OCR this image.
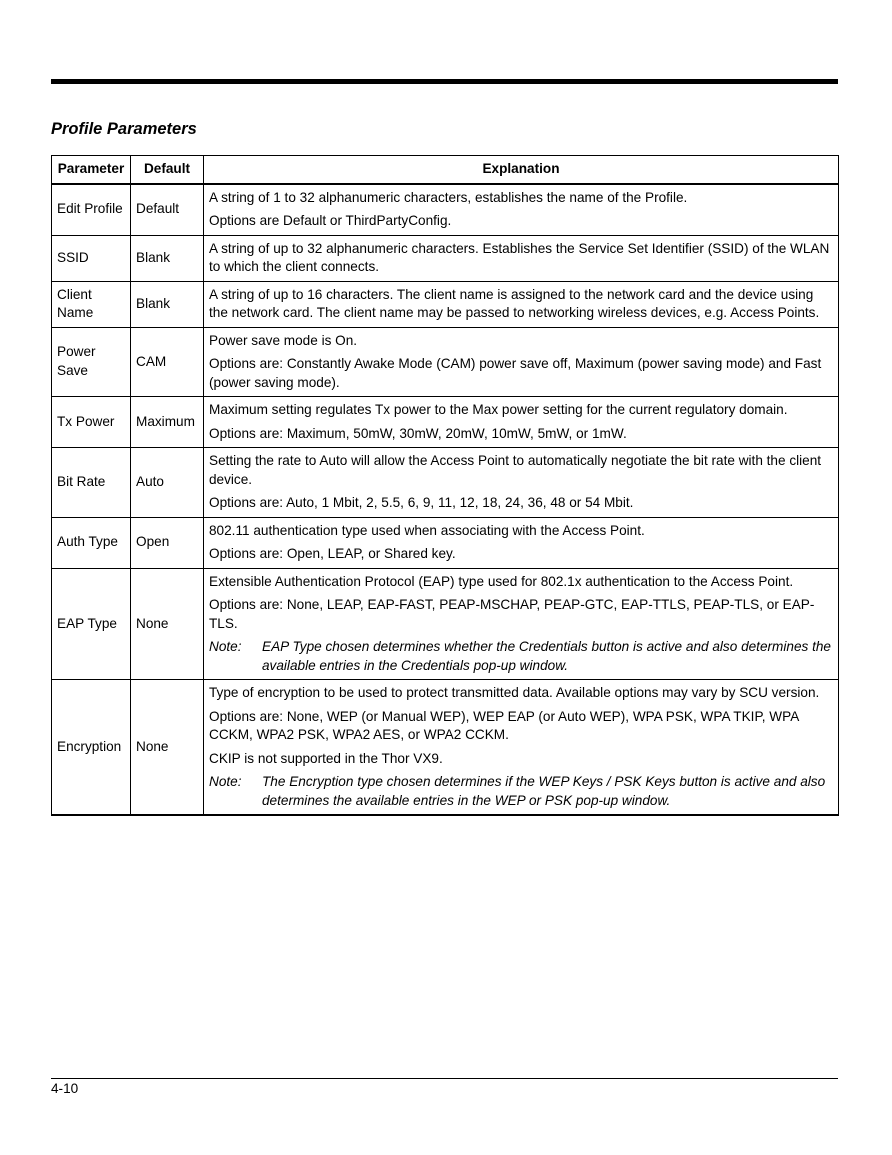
Profile Parameters
Parameter	Default	Explanation
Edit Profile	Default	A string of 1 to 32 alphanumeric characters, establishes the name of the Profile.

Options are Default or ThirdPartyConfig.

SSID	Blank	A string of up to 32 alphanumeric characters. Establishes the Service Set Identifier (SSID) of the WLAN to which the client connects.

Client Name	Blank	A string of up to 16 characters. The client name is assigned to the network card and the device using the network card. The client name may be passed to networking wireless devices, e.g. Access Points.

Power Save	CAM	Power save mode is On.

Options are: Constantly Awake Mode (CAM) power save off, Maximum (power saving mode) and Fast (power saving mode).

Tx Power	Maximum	Maximum setting regulates Tx power to the Max power setting for the current regulatory domain.

Options are: Maximum, 50mW, 30mW, 20mW, 10mW, 5mW, or 1mW.

Bit Rate	Auto	Setting the rate to Auto will allow the Access Point to automatically negotiate the bit rate with the client device.

Options are: Auto, 1 Mbit, 2, 5.5, 6, 9, 11, 12, 18, 24, 36, 48 or 54 Mbit.

Auth Type	Open	802.11 authentication type used when associating with the Access Point.

Options are: Open, LEAP, or Shared key.

EAP Type	None	Extensible Authentication Protocol (EAP) type used for 802.1x authentication to the Access Point.

Options are: None, LEAP, EAP-FAST, PEAP-MSCHAP, PEAP-GTC, EAP-TTLS, PEAP-TLS, or EAP-TLS.

Note: EAP Type chosen determines whether the Credentials button is active and also determines the available entries in the Credentials pop-up window.

Encryption	None	Type of encryption to be used to protect transmitted data. Available options may vary by SCU version.

Options are: None, WEP (or Manual WEP), WEP EAP (or Auto WEP), WPA PSK, WPA TKIP, WPA CCKM, WPA2 PSK, WPA2 AES, or WPA2 CCKM.

CKIP is not supported in the Thor VX9.

Note: The Encryption type chosen determines if the WEP Keys / PSK Keys button is active and also determines the available entries in the WEP or PSK pop-up window.

4-10
